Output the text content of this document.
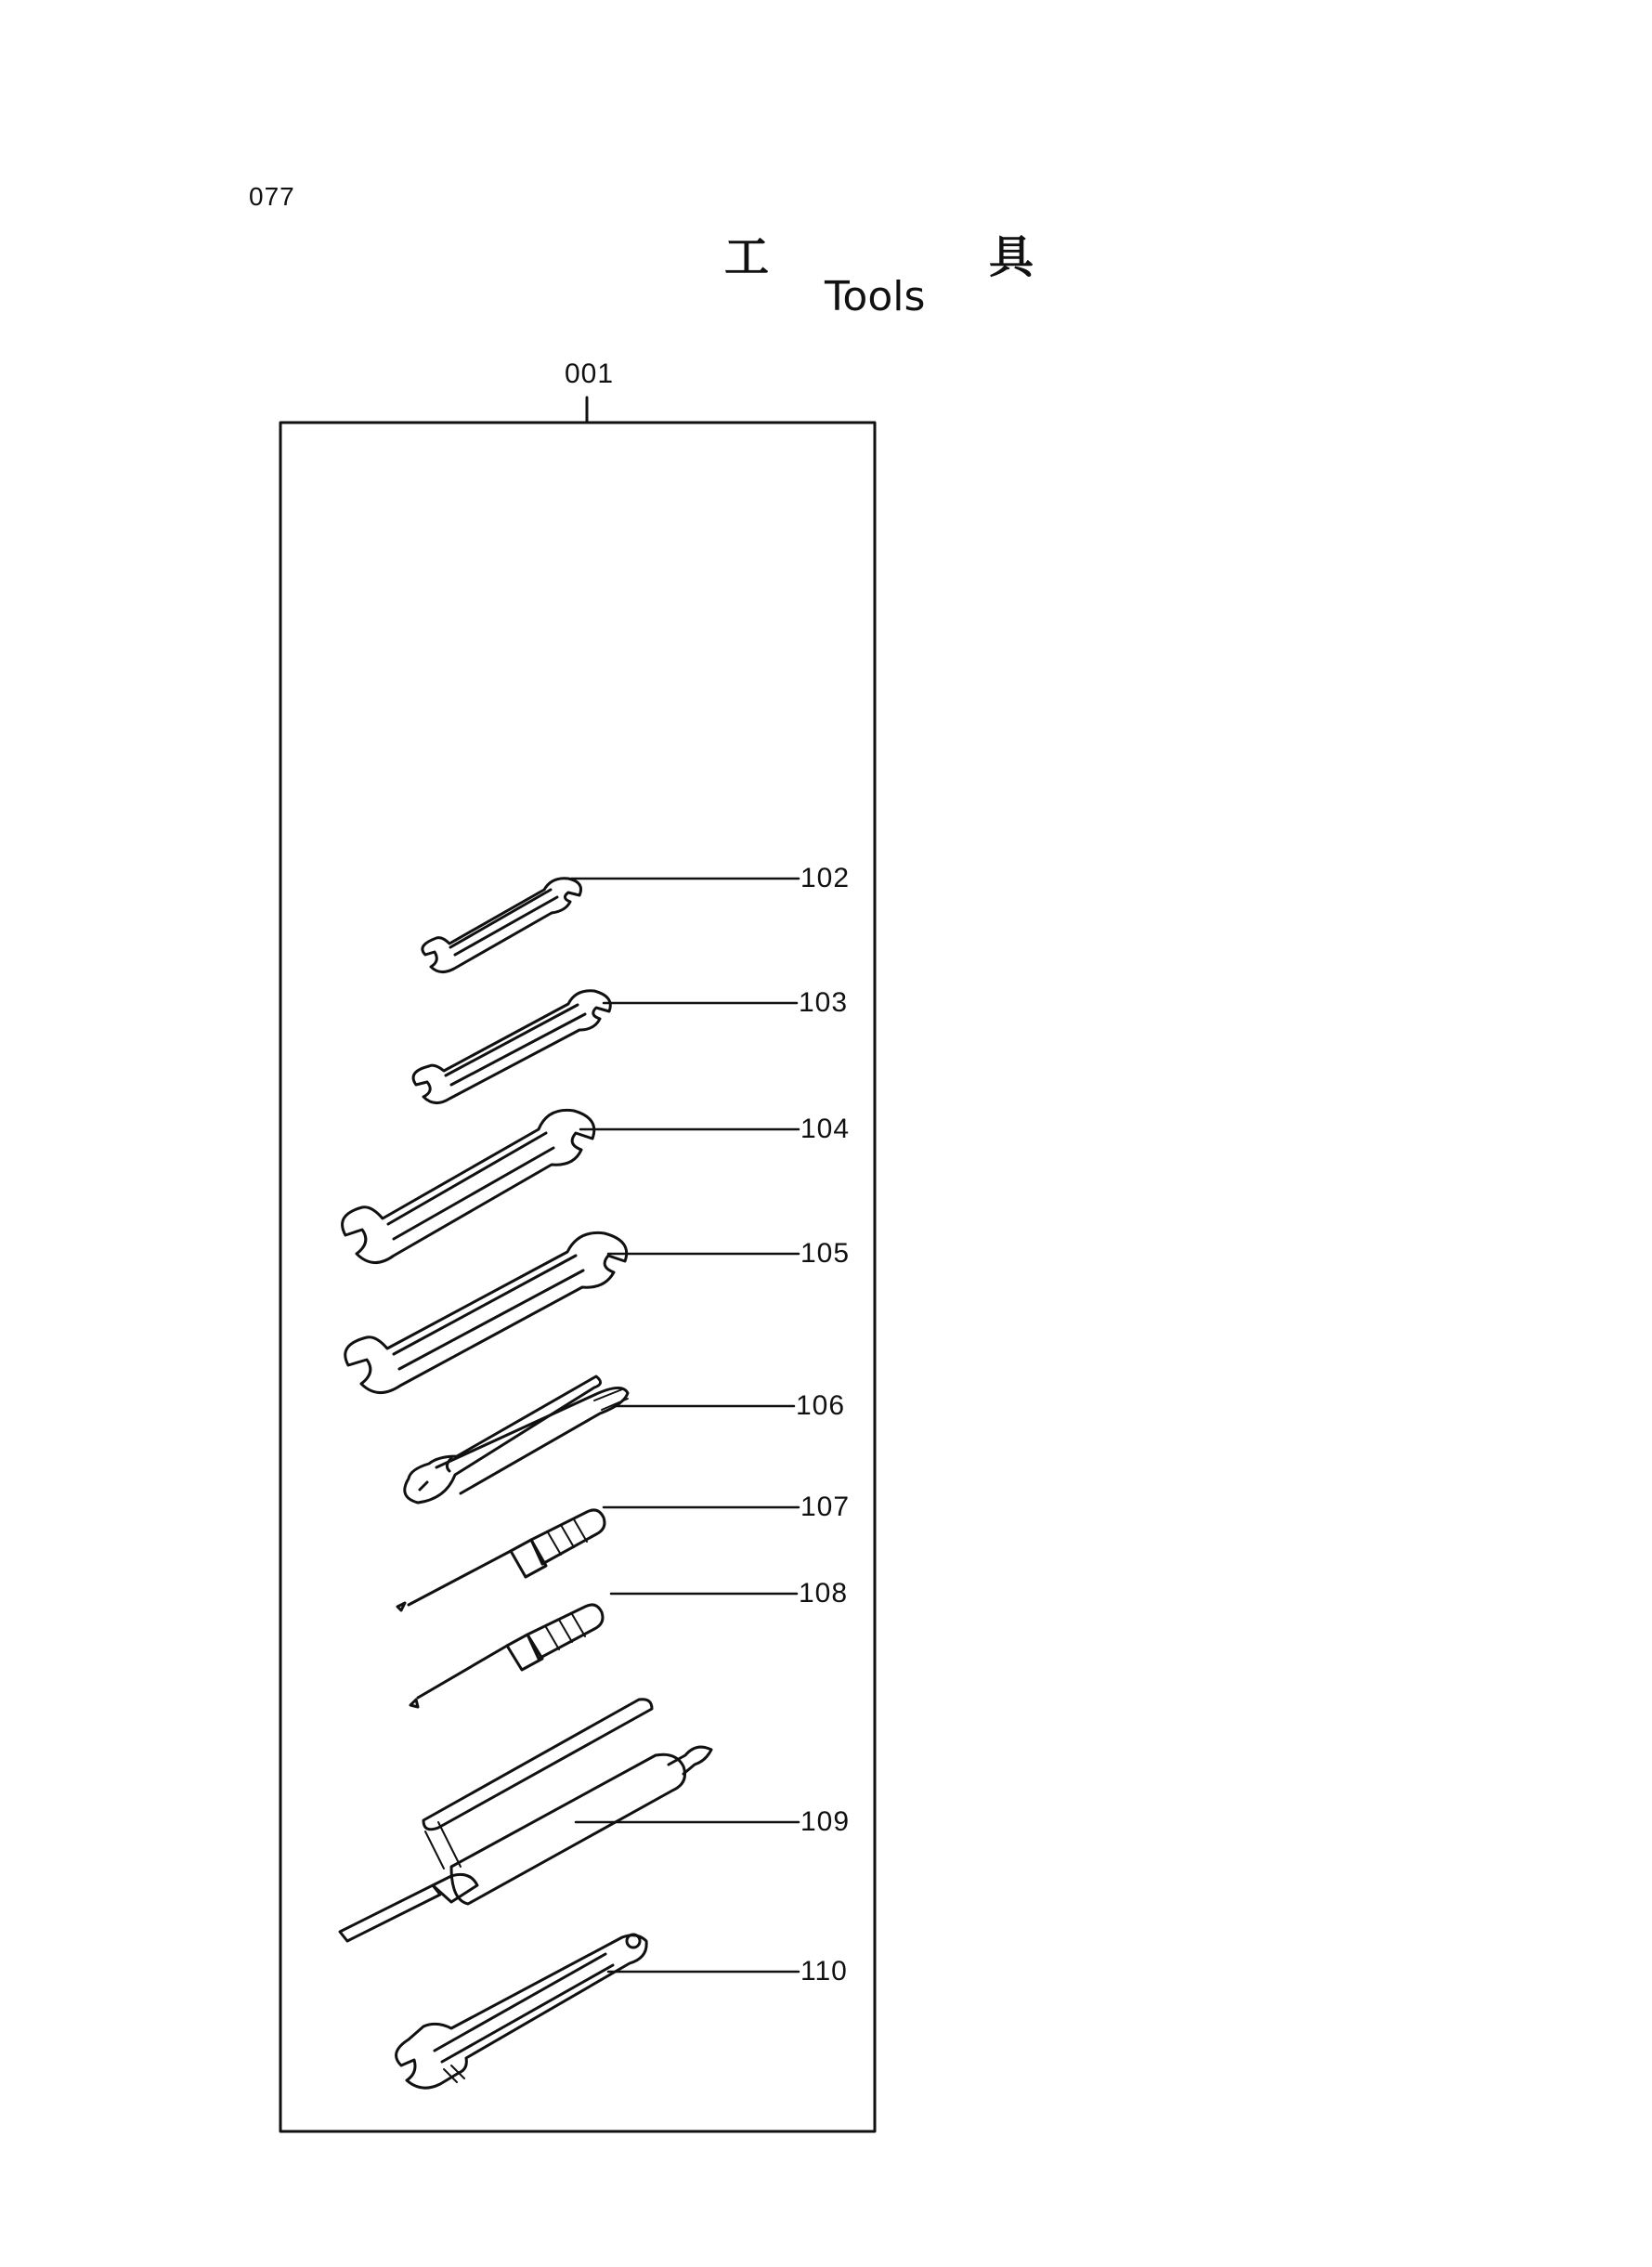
077
工	具
Tools
001
102
103
104
105
106
107
108
109
110
